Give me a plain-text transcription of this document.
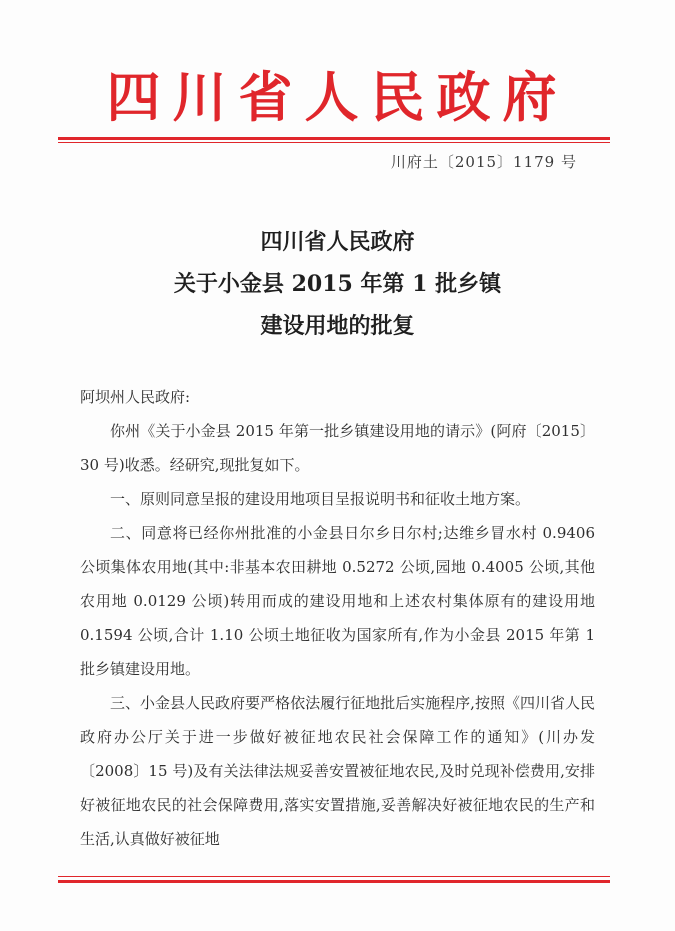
四川省人民政府
川府土〔2015〕1179 号
四川省人民政府
关于小金县 2015 年第 1 批乡镇
建设用地的批复
阿坝州人民政府:

你州《关于小金县 2015 年第一批乡镇建设用地的请示》(阿府〔2015〕30 号)收悉。经研究,现批复如下。

一、原则同意呈报的建设用地项目呈报说明书和征收土地方案。

二、同意将已经你州批准的小金县日尔乡日尔村;达维乡冒水村 0.9406 公顷集体农用地(其中:非基本农田耕地 0.5272 公顷,园地 0.4005 公顷,其他农用地 0.0129 公顷)转用而成的建设用地和上述农村集体原有的建设用地 0.1594 公顷,合计 1.10 公顷土地征收为国家所有,作为小金县 2015 年第 1 批乡镇建设用地。

三、小金县人民政府要严格依法履行征地批后实施程序,按照《四川省人民政府办公厅关于进一步做好被征地农民社会保障工作的通知》(川办发〔2008〕15 号)及有关法律法规妥善安置被征地农民,及时兑现补偿费用,安排好被征地农民的社会保障费用,落实安置措施,妥善解决好被征地农民的生产和生活,认真做好被征地
